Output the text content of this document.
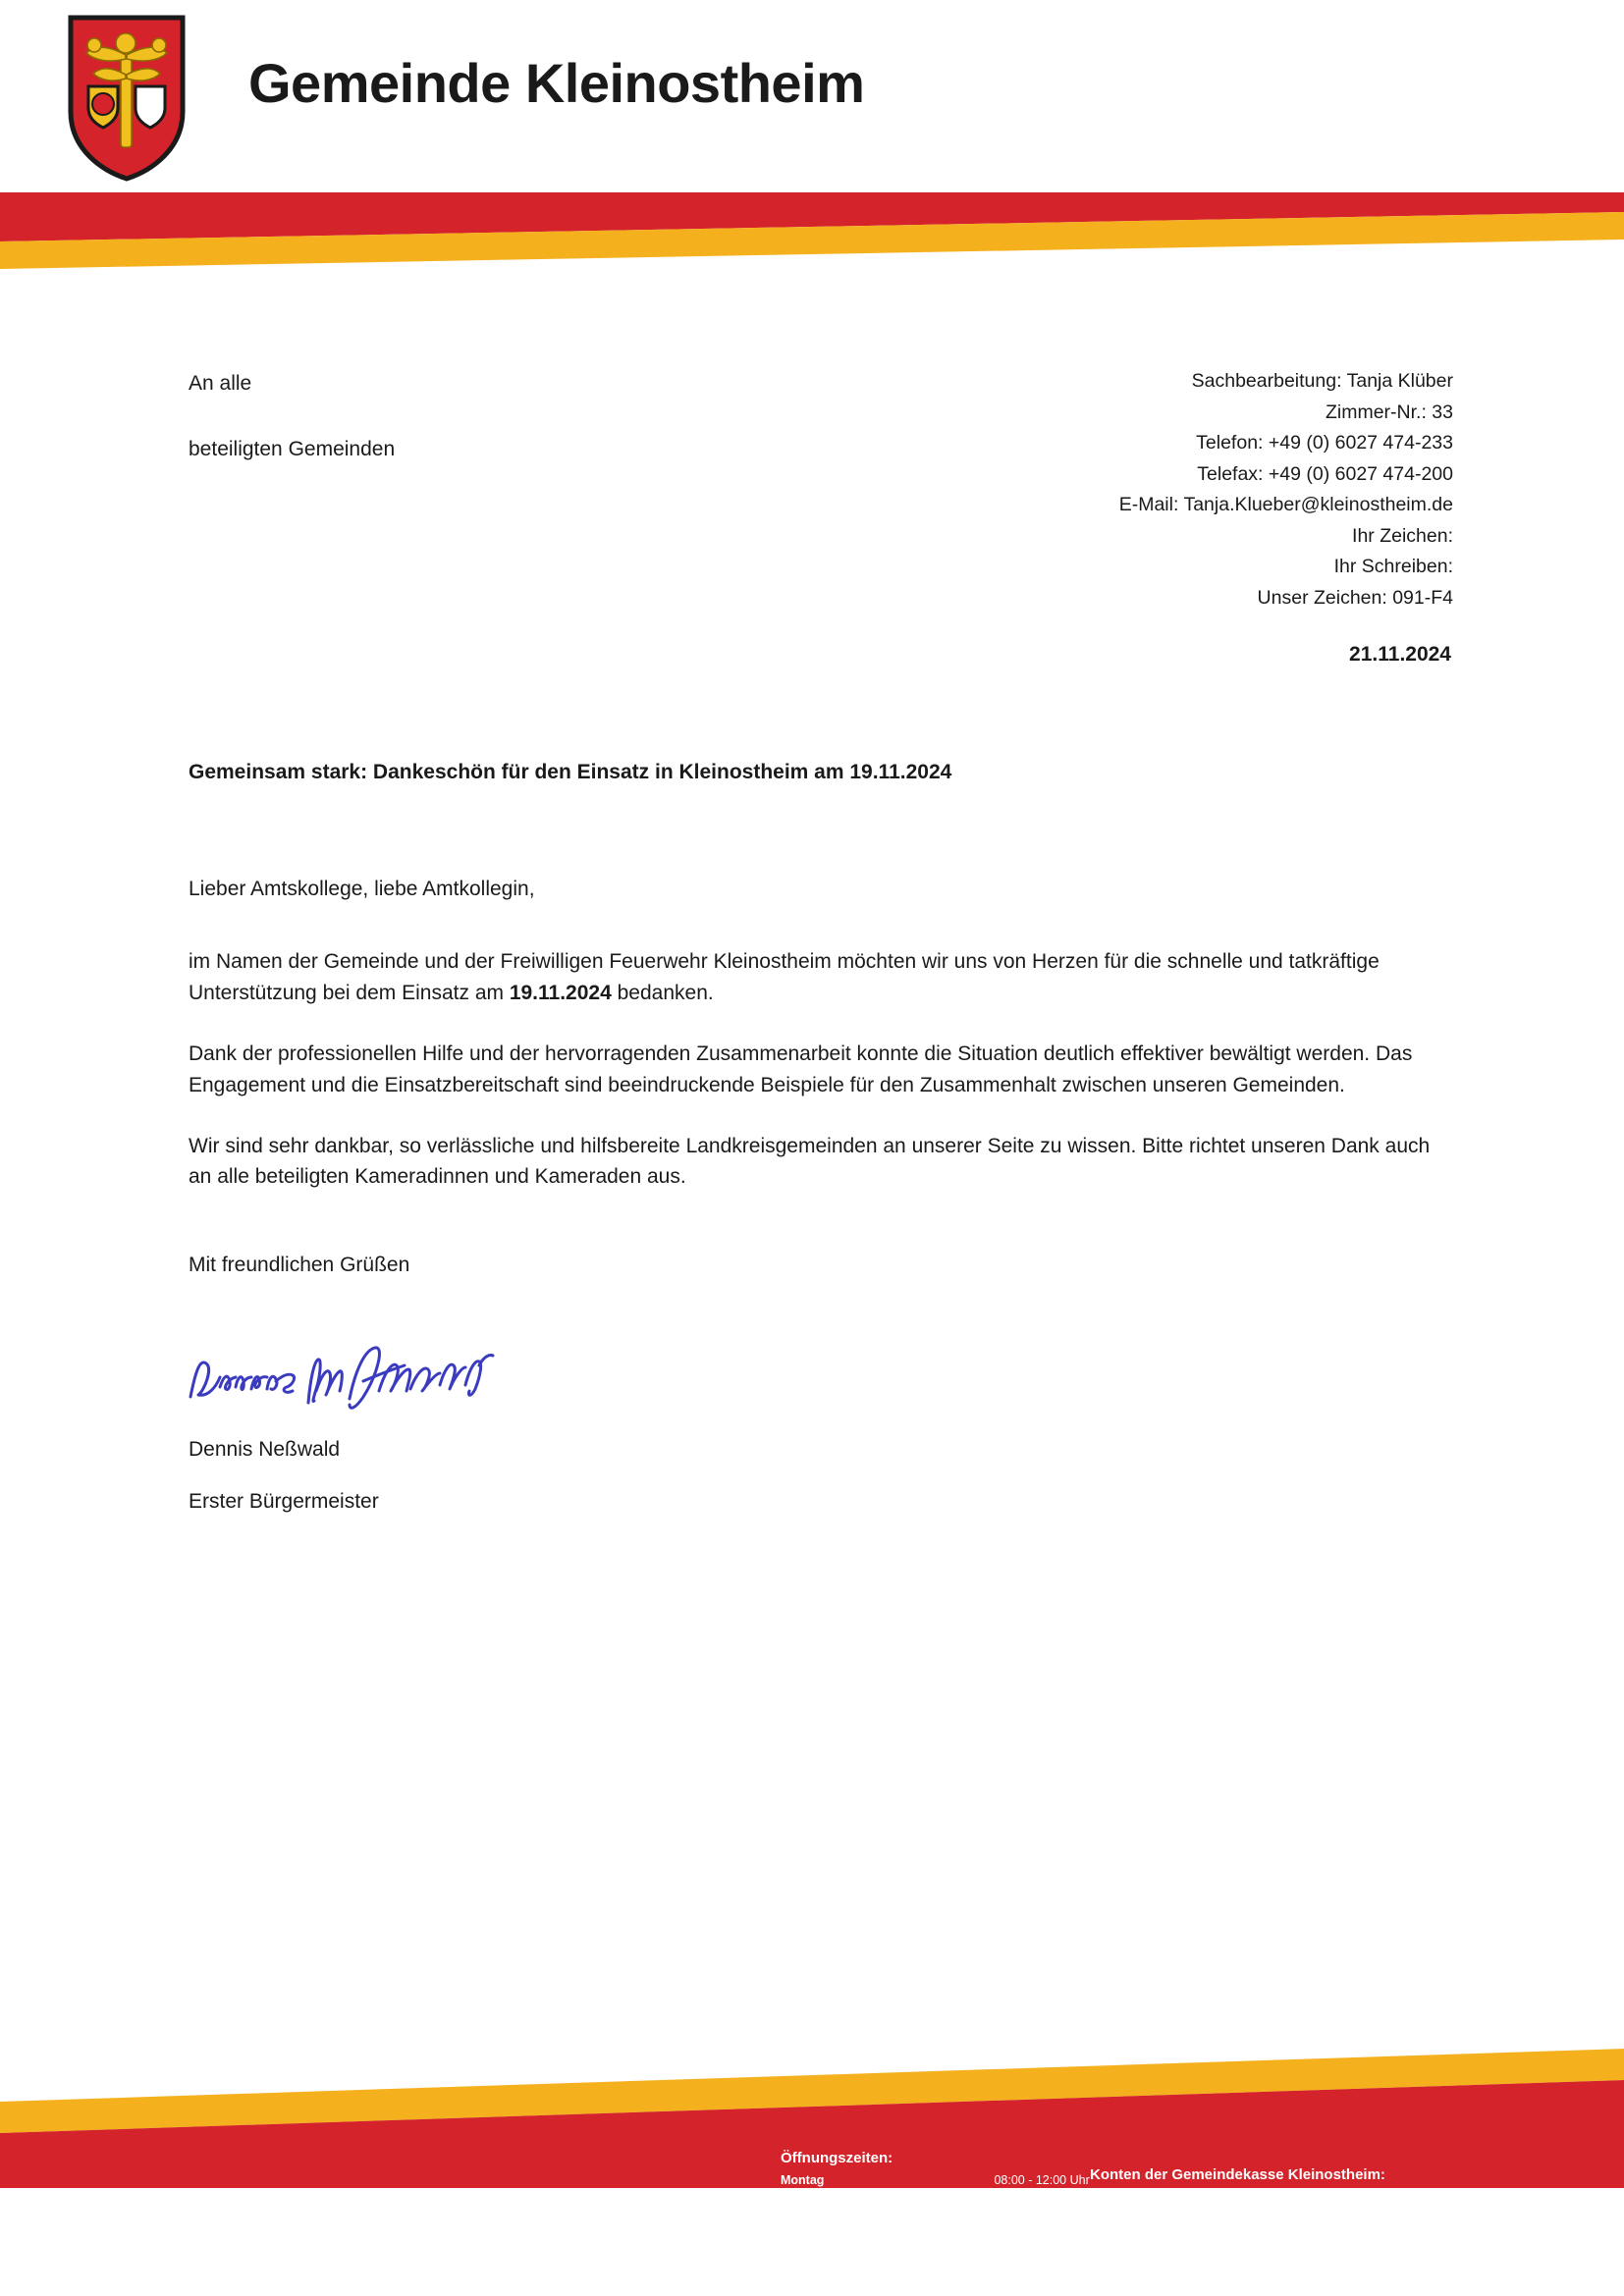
Gemeinde Kleinostheim
An alle
beteiligten Gemeinden
Sachbearbeitung: Tanja Klüber
Zimmer-Nr.: 33
Telefon: +49 (0) 6027 474-233
Telefax: +49 (0) 6027 474-200
E-Mail: Tanja.Klueber@kleinostheim.de
Ihr Zeichen:
Ihr Schreiben:
Unser Zeichen: 091-F4
21.11.2024
Gemeinsam stark: Dankeschön für den Einsatz in Kleinostheim am 19.11.2024

Lieber Amtskollege, liebe Amtkollegin,

im Namen der Gemeinde und der Freiwilligen Feuerwehr Kleinostheim möchten wir uns von Herzen für die schnelle und tatkräftige Unterstützung bei dem Einsatz am 19.11.2024 bedanken.

Dank der professionellen Hilfe und der hervorragenden Zusammenarbeit konnte die Situation deutlich effektiver bewältigt werden. Das Engagement und die Einsatzbereitschaft sind beeindruckende Beispiele für den Zusammenhalt zwischen unseren Gemeinden.

Wir sind sehr dankbar, so verlässliche und hilfsbereite Landkreisgemeinden an unserer Seite zu wissen. Bitte richtet unseren Dank auch an alle beteiligten Kameradinnen und Kameraden aus.

Mit freundlichen Grüßen

Dennis Neßwald
Erster Bürgermeister
Hausanschrift:
Kardinal-Faulhaber-Straße 12 · 63801 Kleinostheim
Barrierefreier Eingang im Untergeschoss
Telefon +49 (0) 6027 474-0
Telefax +49 (0) 6027 474-200
gemeinde@kleinostheim.de
www.kleinostheim.de
Öffnungszeiten:
Montag	08:00 - 12:00 Uhr
Dienstag	geschlossen
Mittwoch	08:00 - 12:00 Uhr
Donnerstag	08:00 - 12:00 Uhr
	14:00 - 18:00 Uhr
Freitag	08:00 - 12:00 Uhr
Konten der Gemeindekasse Kleinostheim:
Frankfurter Volksbank eG
IBAN: DE36 5019 0000 4102 5204 89 · BIC: FFVBDEFF
Sparkasse Aschaffenburg-Alzenau
IBAN: DE70 7955 0000 0000 1830 53 · BIC: BYLADEM1ASA
